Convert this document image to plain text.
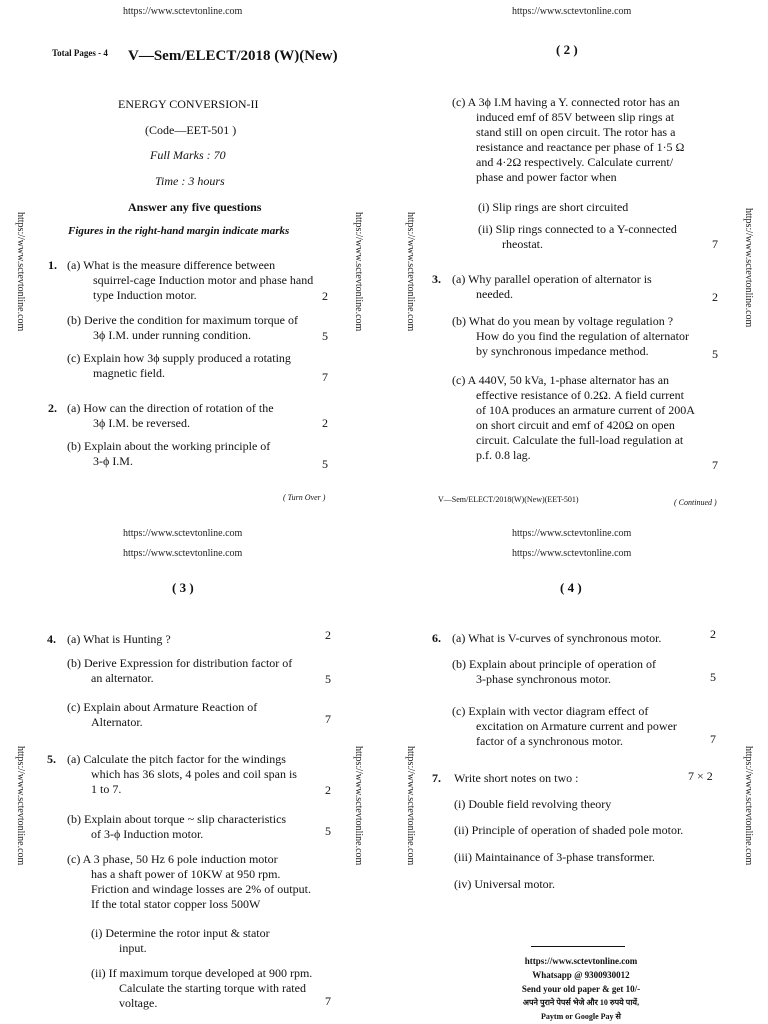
https://www.sctevtonline.com	https://www.sctevtonline.com
https://www.sctevtonline.com	https://www.sctevtonline.com	https://www.sctevtonline.com	https://www.sctevtonline.com
https://www.sctevtonline.com	https://www.sctevtonline.com	https://www.sctevtonline.com	https://www.sctevtonline.com
Total Pages - 4 V—Sem/ELECT/2018 (W)(New)
ENERGY CONVERSION-II
(Code—EET-501 )
Full Marks : 70
Time : 3 hours
Answer any five questions
Figures in the right-hand margin indicate marks
1. (a) What is the measure difference between
squirrel-cage Induction motor and phase hand
type Induction motor.	2
(b) Derive the condition for maximum torque of
3ϕ I.M. under running condition.	5
(c) Explain how 3ϕ supply produced a rotating
magnetic field.	7
2. (a) How can the direction of rotation of the
3ϕ I.M. be reversed.	2
(b) Explain about the working principle of
3-ϕ I.M.	5
( Turn Over )
( 2 )
(c) A 3ϕ I.M having a Y. connected rotor has an
induced emf of 85V between slip rings at
stand still on open circuit. The rotor has a
resistance and reactance per phase of 1·5 Ω
and 4·2Ω respectively. Calculate current/
phase and power factor when
(i) Slip rings are short circuited
(ii) Slip rings connected to a Y-connected
rheostat.	7
3. (a) Why parallel operation of alternator is
needed.	2
(b) What do you mean by voltage regulation ?
How do you find the regulation of alternator
by synchronous impedance method.	5
(c) A 440V, 50 kVa, 1-phase alternator has an
effective resistance of 0.2Ω. A field current
of 10A produces an armature current of 200A
on short circuit and emf of 420Ω on open
circuit. Calculate the full-load regulation at
p.f. 0.8 lag.
7
V—Sem/ELECT/2018(W)(New)(EET-501)	( Continued )
https://www.sctevtonline.com
https://www.sctevtonline.com
https://www.sctevtonline.com
https://www.sctevtonline.com
( 3 )
4. (a) What is Hunting ?	2
(b) Derive Expression for distribution factor of
an alternator.	5
(c) Explain about Armature Reaction of
Alternator.	7
5. (a) Calculate the pitch factor for the windings
which has 36 slots, 4 poles and coil span is
1 to 7.	2
(b) Explain about torque ~ slip characteristics
of 3-ϕ Induction motor.	5
(c) A 3 phase, 50 Hz 6 pole induction motor
has a shaft power of 10KW at 950 rpm.
Friction and windage losses are 2% of output.
If the total stator copper loss 500W
(i) Determine the rotor input & stator
input.
(ii) If maximum torque developed at 900 rpm.
Calculate the starting torque with rated
voltage.	7
( 4 )
6. (a) What is V-curves of synchronous motor.	2
(b) Explain about principle of operation of
3-phase synchronous motor.	5
(c) Explain with vector diagram effect of
excitation on Armature current and power
factor of a synchronous motor.	7
7. Write short notes on two :	7 × 2
(i) Double field revolving theory
(ii) Principle of operation of shaded pole motor.
(iii) Maintainance of 3-phase transformer.
(iv) Universal motor.
https://www.sctevtonline.com
Whatsapp @ 9300930012
Send your old paper & get 10/-
अपने पुराने पेपर्स भेजे और 10 रुपये पायें,
Paytm or Google Pay से
